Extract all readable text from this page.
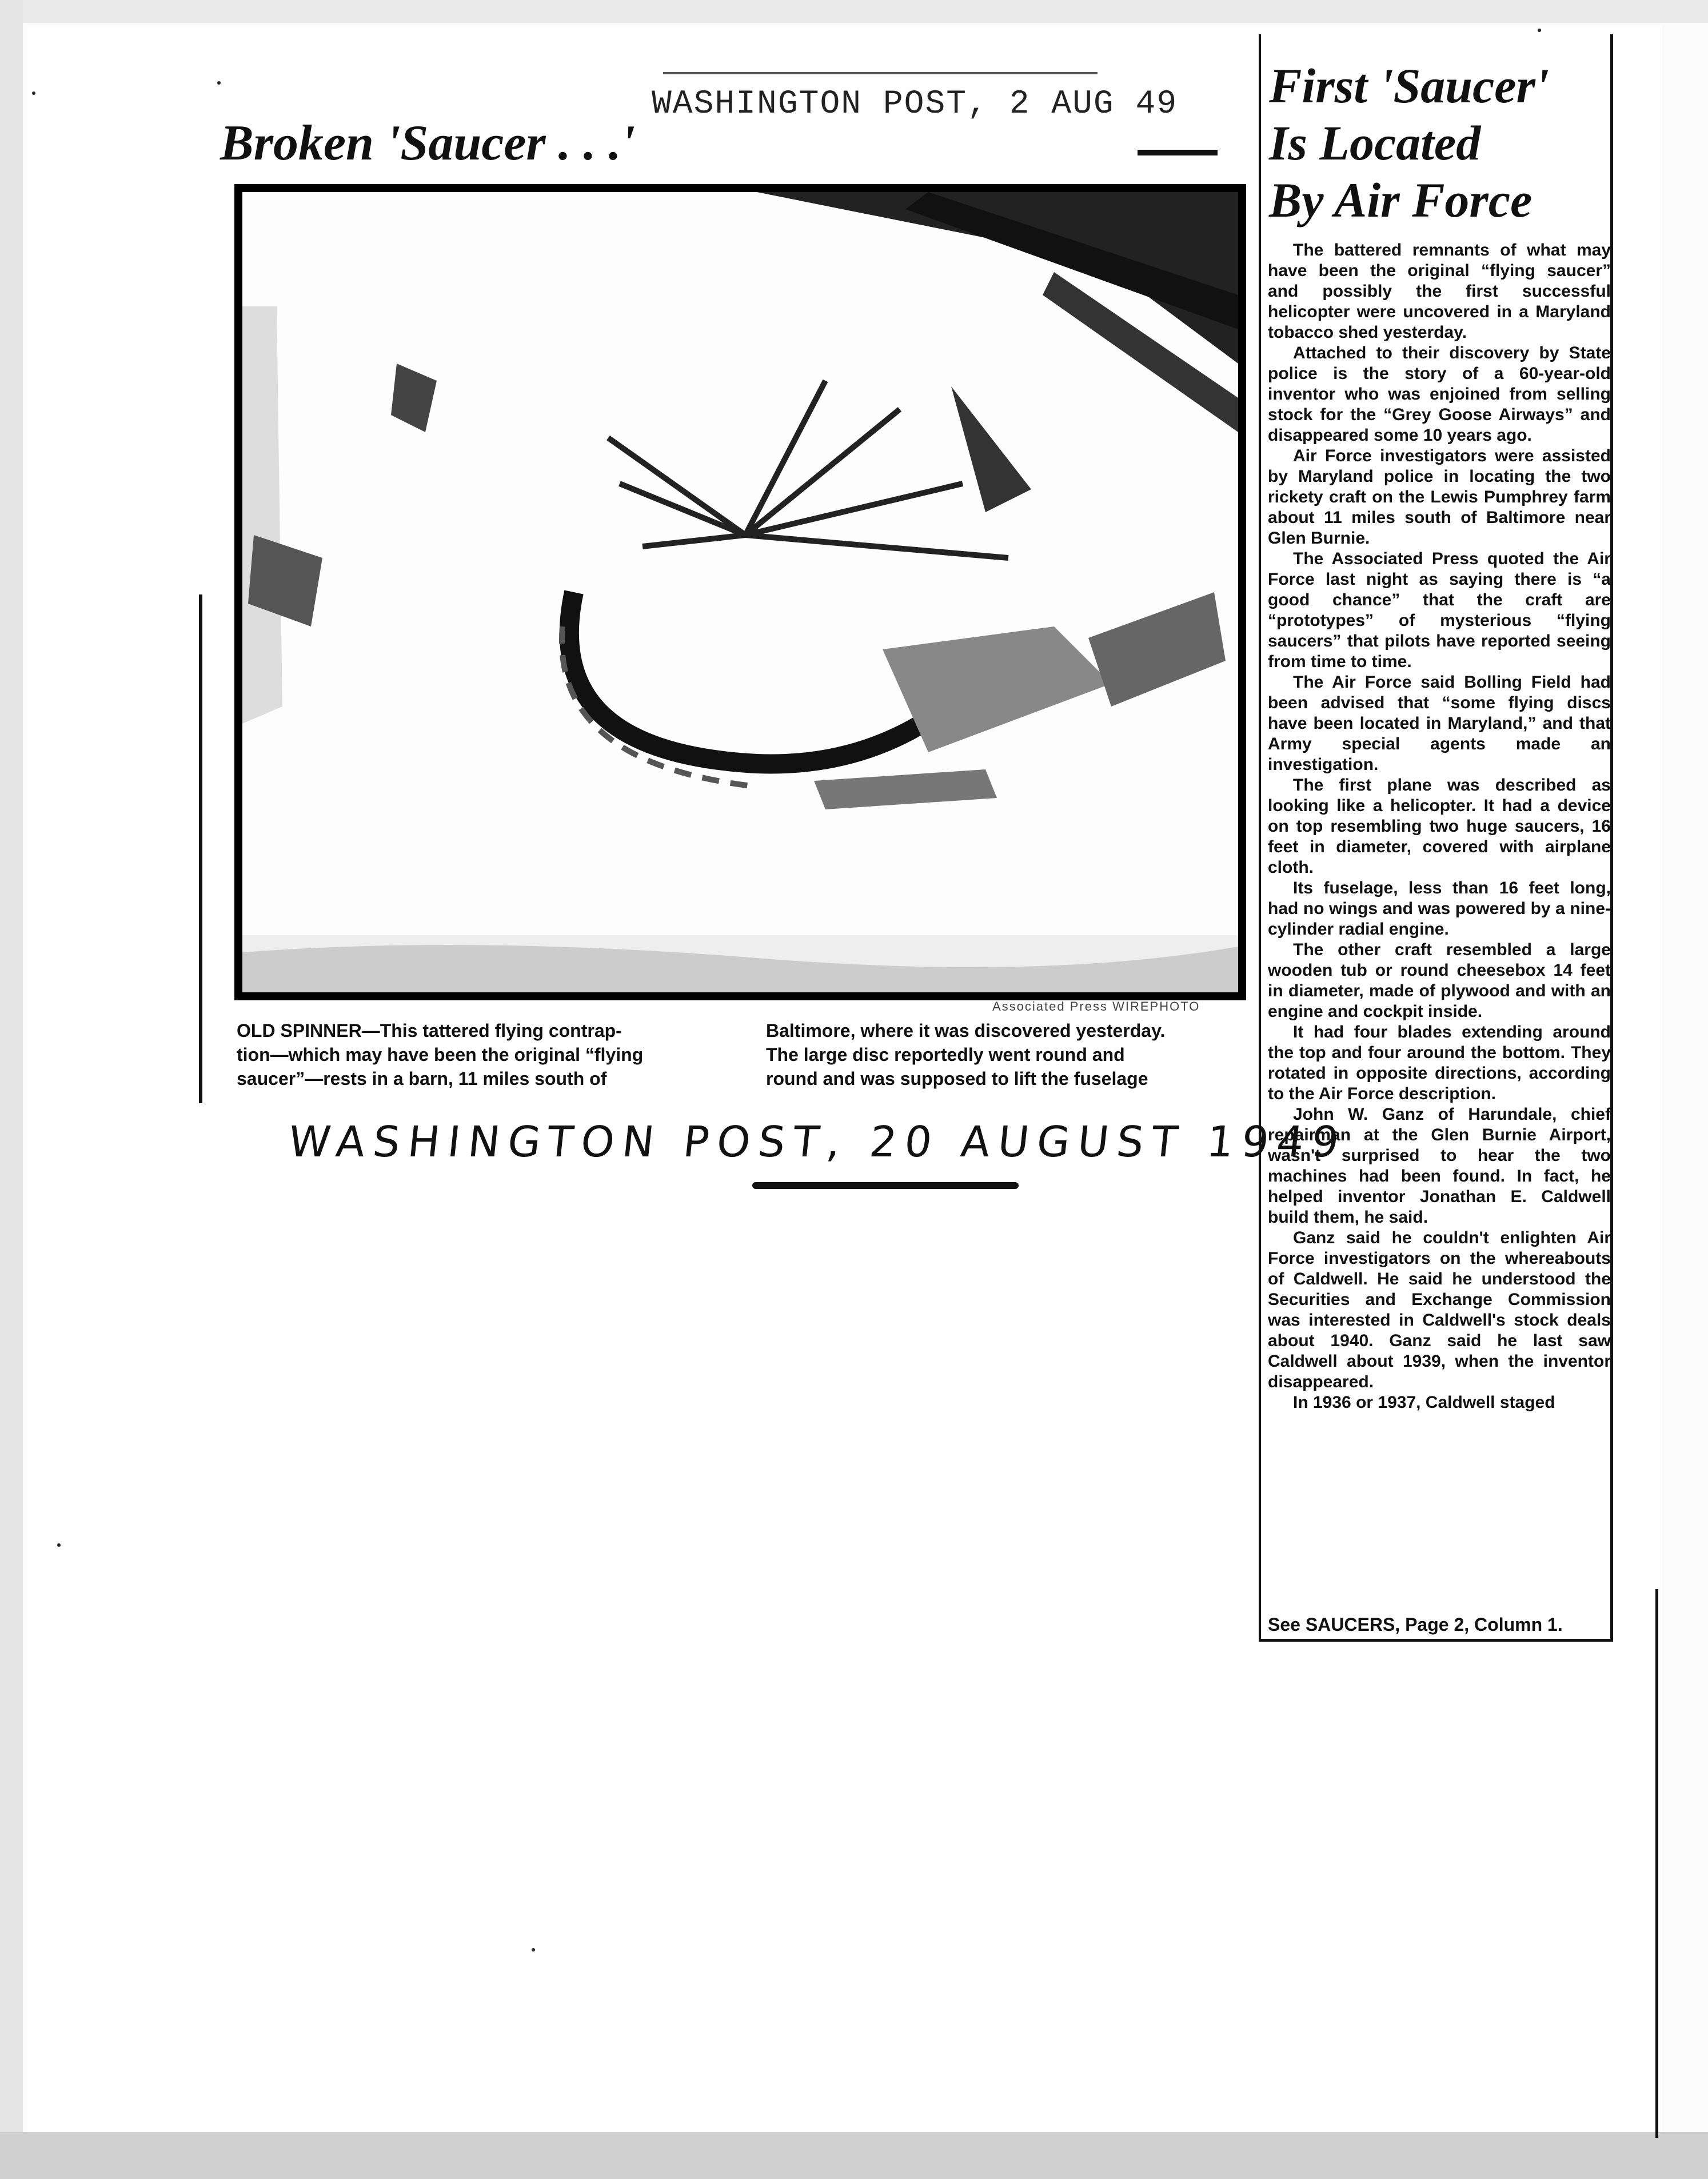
WASHINGTON POST, 2 AUG 49
Broken 'Saucer . . .'
Associated Press WIREPHOTO
OLD SPINNER—This tattered flying contrap-
tion—which may have been the original “flying
saucer”—rests in a barn, 11 miles south of
Baltimore, where it was discovered yesterday.
The large disc reportedly went round and
round and was supposed to lift the fuselage
WASHINGTON POST, 20 AUGUST 1949
First 'Saucer'
Is Located
By Air Force

The battered remnants of what may have been the original “flying saucer” and possibly the first successful helicopter were uncovered in a Maryland tobacco shed yesterday.

Attached to their discovery by State police is the story of a 60-year-old inventor who was enjoined from selling stock for the “Grey Goose Airways” and disappeared some 10 years ago.

Air Force investigators were assisted by Maryland police in locating the two rickety craft on the Lewis Pumphrey farm about 11 miles south of Baltimore near Glen Burnie.

The Associated Press quoted the Air Force last night as saying there is “a good chance” that the craft are “prototypes” of mysterious “flying saucers” that pilots have reported seeing from time to time.

The Air Force said Bolling Field had been advised that “some flying discs have been located in Maryland,” and that Army special agents made an investigation.

The first plane was described as looking like a helicopter. It had a device on top resembling two huge saucers, 16 feet in diameter, covered with airplane cloth.

Its fuselage, less than 16 feet long, had no wings and was powered by a nine-cylinder radial engine.

The other craft resembled a large wooden tub or round cheesebox 14 feet in diameter, made of plywood and with an engine and cockpit inside.

It had four blades extending around the top and four around the bottom. They rotated in opposite directions, according to the Air Force description.

John W. Ganz of Harundale, chief repairman at the Glen Burnie Airport, wasn't surprised to hear the two machines had been found. In fact, he helped inventor Jonathan E. Caldwell build them, he said.

Ganz said he couldn't enlighten Air Force investigators on the whereabouts of Caldwell. He said he understood the Securities and Exchange Commission was interested in Caldwell's stock deals about 1940. Ganz said he last saw Caldwell about 1939, when the inventor disappeared.

In 1936 or 1937, Caldwell staged

See SAUCERS, Page 2, Column 1.
